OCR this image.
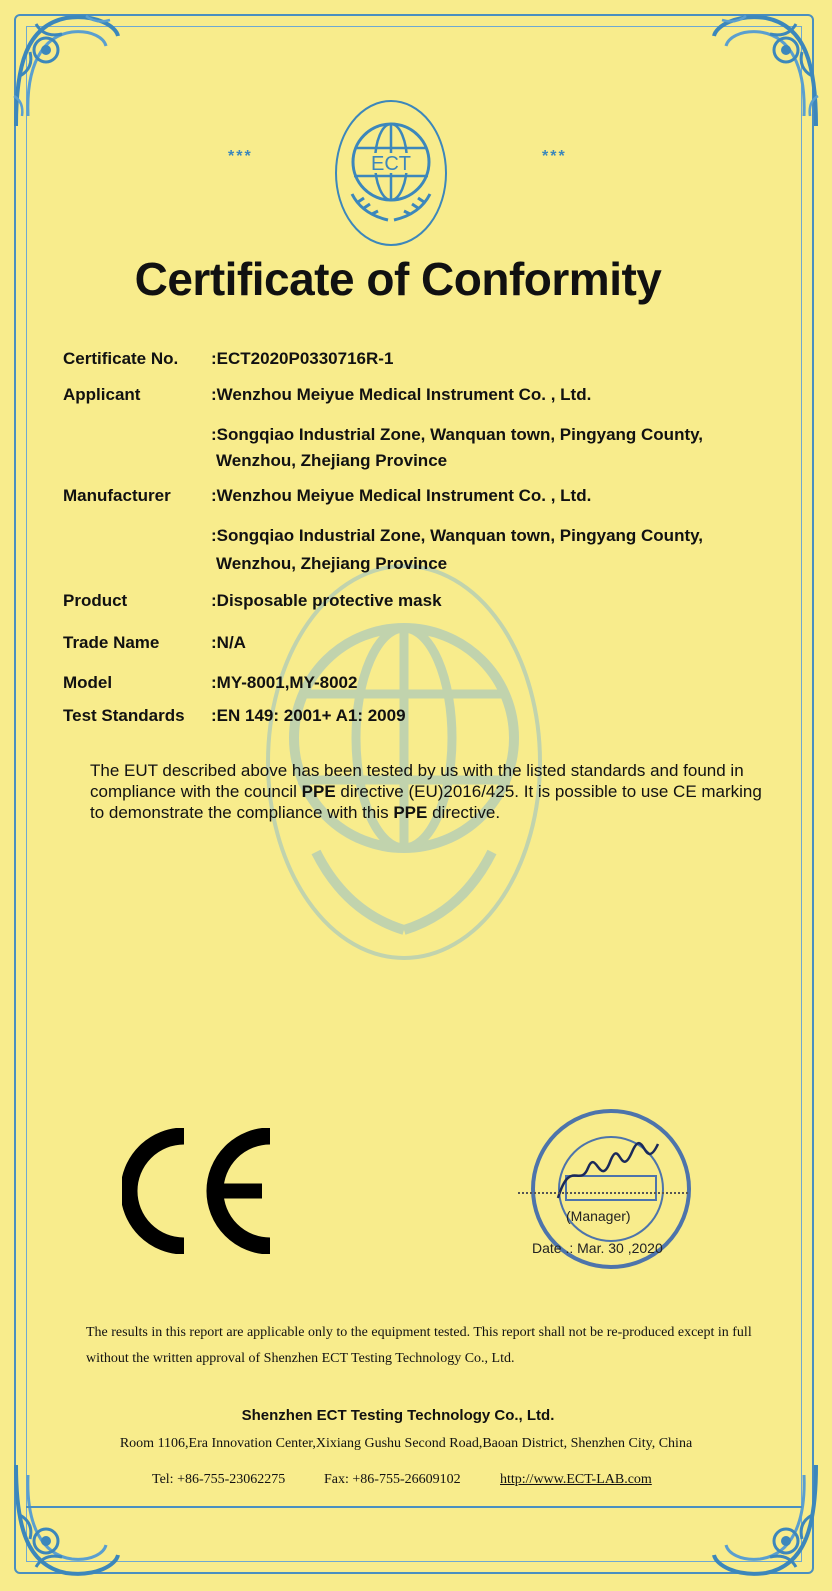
***	***
ECT
Certificate of Conformity
Certificate No. :ECT2020P0330716R-1
Applicant	:Wenzhou Meiyue Medical Instrument Co. , Ltd.
:Songqiao Industrial Zone, Wanquan town, Pingyang County,
Wenzhou, Zhejiang Province
Manufacturer :Wenzhou Meiyue Medical Instrument Co. , Ltd.
:Songqiao Industrial Zone, Wanquan town, Pingyang County,
Wenzhou, Zhejiang Province
Product	:Disposable protective mask
Trade Name	:N/A
Model	:MY-8001,MY-8002
Test Standards :EN 149: 2001+ A1: 2009
The EUT described above has been tested by us with the listed standards and found in compliance with the council PPE directive (EU)2016/425. It is possible to use CE marking to demonstrate the compliance with this PPE directive.
(Manager)
Date .: Mar. 30 ,2020
The results in this report are applicable only to the equipment tested. This report shall not be re-produced except in full without the written approval of Shenzhen ECT Testing Technology Co., Ltd.
Shenzhen ECT Testing Technology Co., Ltd.
Room 1106,Era Innovation Center,Xixiang Gushu Second Road,Baoan District, Shenzhen City, China
Tel: +86-755-23062275	Fax: +86-755-26609102	http://www.ECT-LAB.com
